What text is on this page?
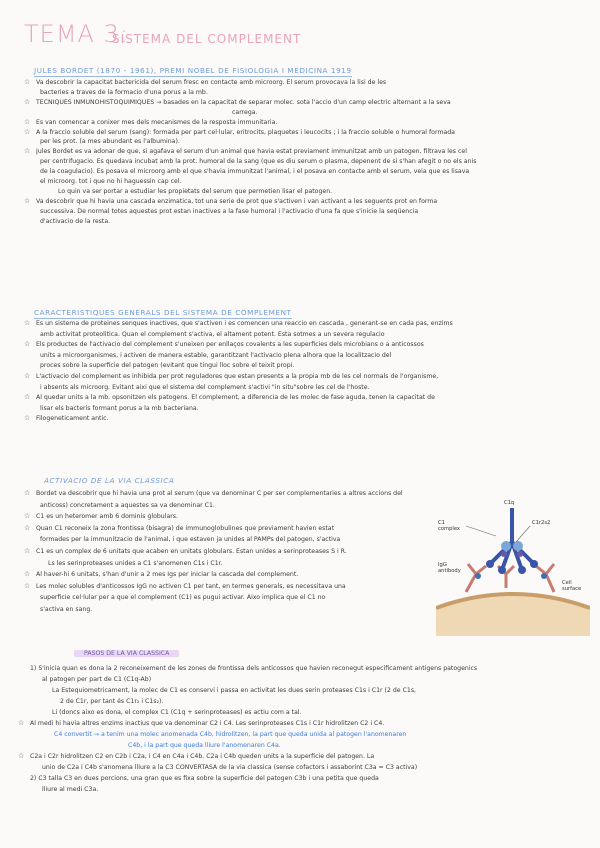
TEMA 3:
SISTEMA DEL COMPLEMENT
JULES BORDET (1870 - 1961), PREMI NOBEL DE FISIOLOGIA I MEDICINA 1919
☆ Va descobrir la capacitat bactericida del serum fresc en contacte amb microorg. El serum provocava la lisi de les
bacteries a traves de la formacio d'una porus a la mb.
☆ TECNIQUES INMUNOHISTOQUIMIQUES → basades en la capacitat de separar molec. sota l'accio d'un camp electric alternant a la seva
carrega.
☆ Es van comencar a conixer mes dels mecanismes de la resposta immunitaria.
☆ A la fraccio soluble del serum (sang): formada per part cel·lular, eritrocits, plaquetes i leucocits ; i la fraccio soluble o humoral formada
per les prot. (a mes abundant es l'albumina).
☆ Jules Bordet es va adonar de que, si agafava el serum d'un animal que havia estat previament immunitzat amb un patogen, filtrava les cel
per centrifugacio. Es quedava incubat amb la prot. humoral de la sang (que es diu serum o plasma, depenent de si s'han afegit o no els anis
de la coagulacio). Es posava el microorg amb el que s'havia immunitzat l'animal, i el posava en contacte amb el serum, veia que es lisava
el microorg. tot i que no hi haguessin cap cel.
Lo quin va ser portar a estudiar les propietats del serum que permetien lisar el patogen.
☆ Va descobrir que hi havia una cascada enzimatica, tot una serie de prot que s'activen i van activant a les seguents prot en forma
successiva. De normal totes aquestes prot estan inactives a la fase humoral i l'activacio d'una fa que s'inicie la seqüencia
d'activacio de la resta.
CARACTERISTIQUES GENERALS DEL SISTEMA DE COMPLEMENT
☆ Es un sistema de proteines senques inactives, que s'activen i es comencen una reaccio en cascada , generant-se en cada pas, enzims
amb activitat proteolitica. Quan el complement s'activa, el altament potent. Esta sotmes a un severa regulacio
☆ Els productes de l'activacio del complement s'uneixen per enllaços covalents a les superficies dels microbians o a anticossos
units a microorganismes, i activen de manera estable, garantitzant l'activacio plena alhora que la localitzacio del
proces sobre la superficie del patogen (evitant que tingui lloc sobre el teixit propi.
☆ L'activacio del complement es inhibida per prot reguladores que estan presents a la propia mb de les cel normals de l'organisme,
i absents als microorg. Evitant aixi que el sistema del complement s'activi "in situ"sobre les cel de l'hoste.
☆ Al quedar units a la mb. opsonitzen els patogens. El complement, a diferencia de les molec de fase aguda, tenen la capacitat de
lisar els bacteris formant porus a la mb bacteriana.
☆ Filogeneticament antic.
ACTIVACIO DE LA VIA CLASSICA
☆ Bordet va descobrir que hi havia una prot al serum (que va denominar C per ser complementaries a altres accions del
anticoss) concretament a aquestes sa va denominar C1.
☆ C1 es un heteromer amb 6 dominis globulars.
☆ Quan C1 reconeix la zona frontissa (bisagra) de immunoglobulines que previament havien estat
formades per la immunitzacio de l'animal, i que estaven ja unides al PAMPs del patogen, s'activa
☆ C1 es un complex de 6 unitats que acaben en unitats globulars. Estan unides a serinproteases S i R.
Ls les serinproteases unides a C1 s'anomenen C1s i C1r.
☆ Al haver-hi 6 unitats, s'han d'unir a 2 mes Igs per iniciar la cascada del complement.
☆ Les molec solubles d'anticossos IgG no activen C1 per tant, en termes generals, es necessitava una
superficie cel·lular per a que el complement (C1) es pugui activar. Aixo implica que el C1 no
s'activa en sang.
C1q
C1
complex
C1r2s2
IgG
antibody
Cell
surface
PASOS DE LA VIA CLASSICA
1) S'inicia quan es dona la 2 reconeixement de les zones de frontissa dels anticossos que havien reconegut especificament antigens patogenics
al patogen per part de C1 (C1q-Ab)
La Estequiometricament, la molec de C1 es conservi i passa en activitat les dues serin proteases C1s i C1r (2 de C1s,
2 de C1r, per tant és C1r₂ i C1s₂).
Li (doncs aixo es dona, el complex C1 (C1q + serinproteases) es actiu com a tal.
☆ Al medi hi havia altres enzims inactius que va denominar C2 i C4. Les serinproteases C1s i C1r hidrolitzen C2 i C4.
C4 convertit → a tenim una molec anomenada C4b, hidrolitzen, la part que queda unida al patogen l'anomenaren
C4b, i la part que queda lliure l'anomenaren C4a.
☆ C2a i C2r hidrolitzen C2 en C2b i C2a, i C4 en C4a i C4b. C2a i C4b queden units a la superficie del patogen. La
unio de C2a i C4b s'anomena lliure a la C3 CONVERTASA de la via classica (sense cofactors i assaborint C3a = C3 activa)
2) C3 talla C3 en dues porcions, una gran que es fixa sobre la superficie del patogen C3b i una petita que queda
lliure al medi C3a.
